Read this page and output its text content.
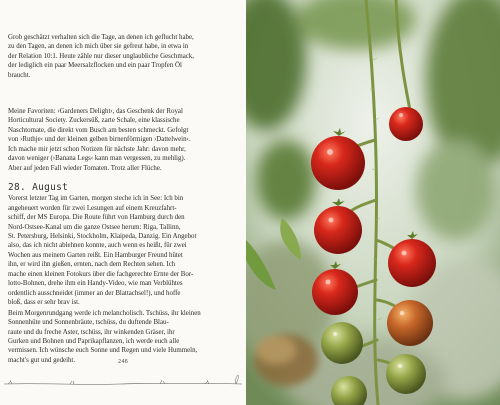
Grob geschätzt verhalten sich die Tage, an denen ich geflucht habe,
zu den Tagen, an denen ich mich über sie gefreut habe, in etwa in
der Relation 10:1. Heute zähle nur dieser unglaubliche Geschmack,
der lediglich ein paar Meersalzflocken und ein paar Tropfen Öl
braucht.

Meine Favoriten: ›Gardeners Delight‹, das Geschenk der Royal
Horticultural Society. Zuckersüß, zarte Schale, eine klassische
Naschtomate, die direkt vom Busch am besten schmeckt. Gefolgt
von ›Ruthje‹ und der kleinen gelben birnenförmigen ›Dattelwein‹.
Ich mache mir jetzt schon Notizen für nächste Jahr: davon mehr,
davon weniger (›Banana Legs‹ kann man vergessen, zu mehlig).
Aber auf jeden Fall wieder Tomaten. Trotz aller Flüche.

28. August

Vorerst letzter Tag im Garten, morgen steche ich in See: Ich bin
angeheuert worden für zwei Lesungen auf einem Kreuzfahrt-
schiff, der MS Europa. Die Route führt von Hamburg durch den
Nord-Ostsee-Kanal um die ganze Ostsee herum: Riga, Tallinn,
St. Petersburg, Helsinki, Stockholm, Klaipeda, Danzig. Ein Angebot
also, das ich nicht ablehnen konnte, auch wenn es heißt, für zwei
Wochen aus meinem Garten reißt. Ein Hamburger Freund hütet
ihn, er wird ihn gießen, ernten, nach dem Rechten sehen. Ich
mache einen kleinen Fotokurs über die fachgerechte Ernte der Bor-
lotto-Bohnen, drehe ihm ein Handy-Video, wie man Verblühtes
ordentlich ausschneidet (immer an der Blattachsel!), und hoffe
bloß, dass er sehr brav ist.

Beim Morgenrundgang werde ich melancholisch. Tschüss, ihr kleinen
Sonnenhüte und Sonnenbräute, tschüss, du duftende Blau-
raute und du freche Aster, tschüss, ihr winkenden Gräser, ihr
Gurken und Bohnen und Paprikapflanzen, ich werde euch alle
vermissen. Ich wünsche euch Sonne und Regen und viele Hummeln,
macht's gut und gedeiht.	246
